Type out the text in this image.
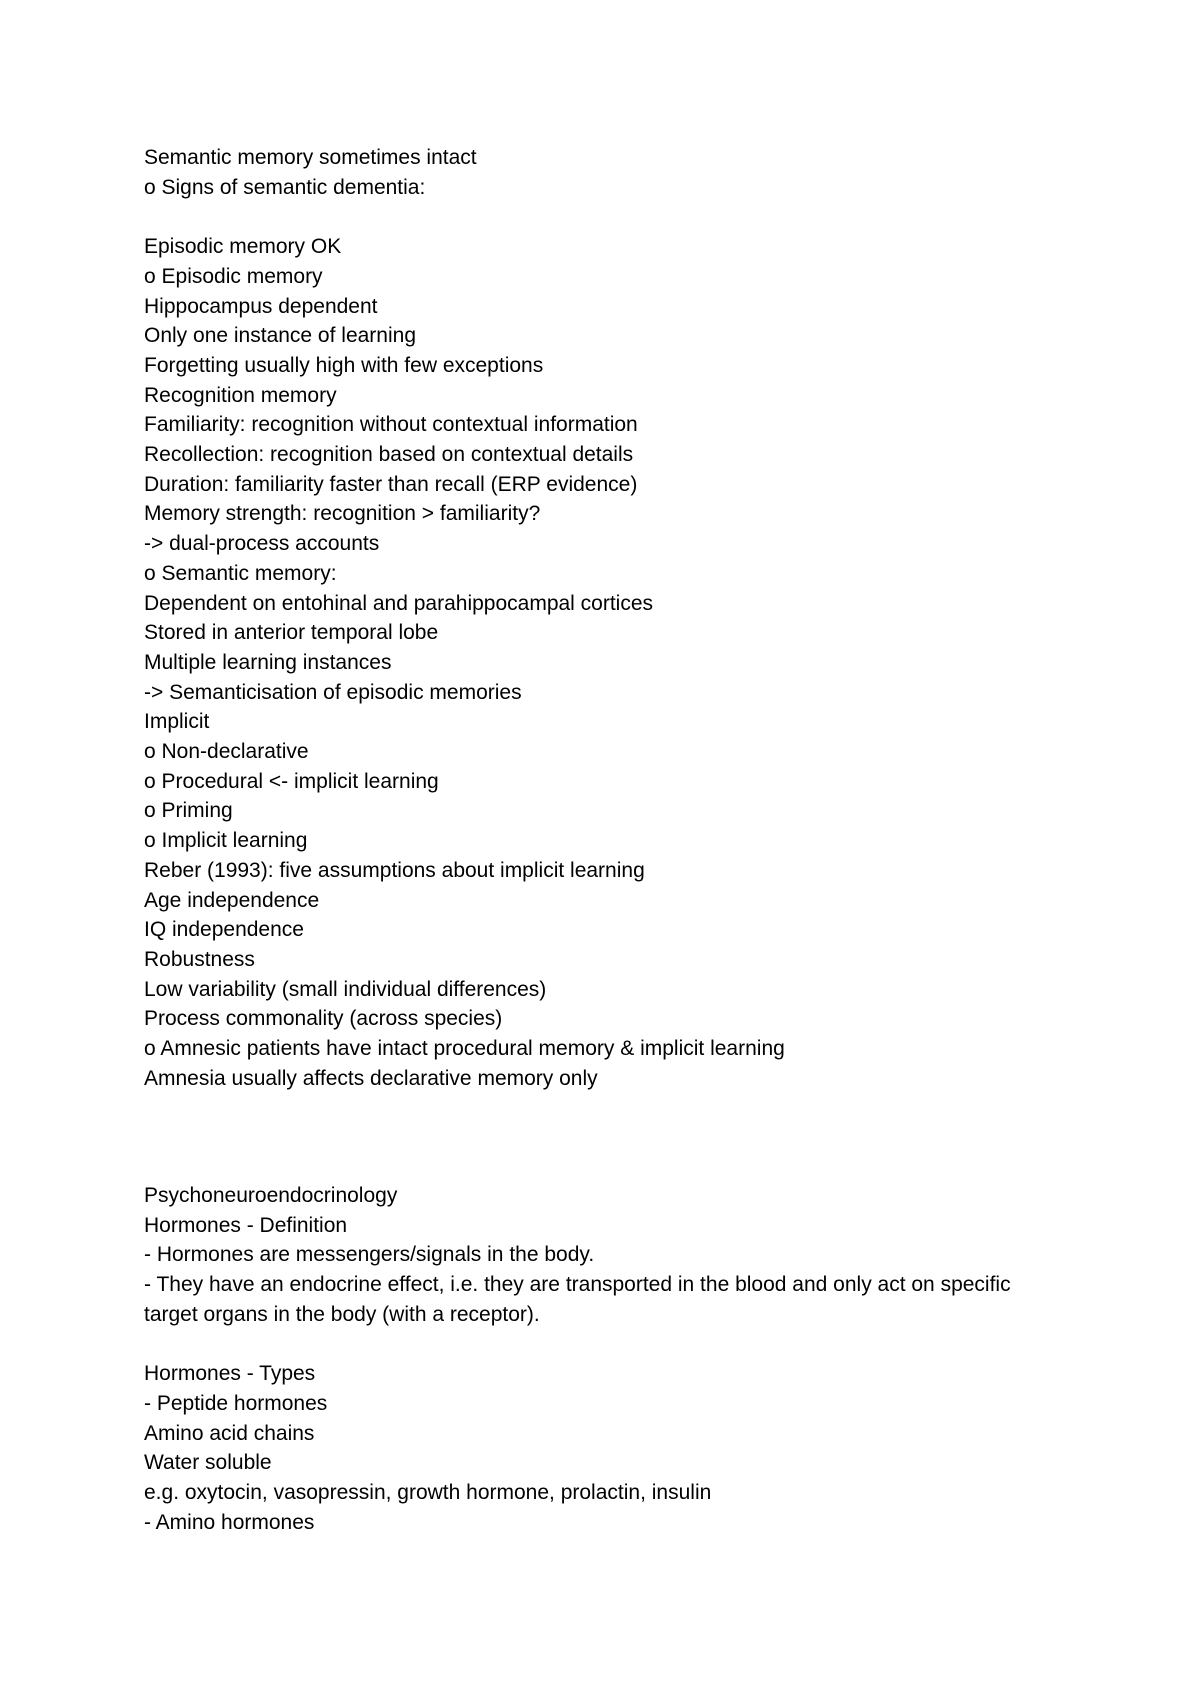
Semantic memory sometimes intact
o Signs of semantic dementia:
Episodic memory OK
o Episodic memory
Hippocampus dependent
Only one instance of learning
Forgetting usually high with few exceptions
Recognition memory
Familiarity: recognition without contextual information
Recollection: recognition based on contextual details
Duration: familiarity faster than recall (ERP evidence)
Memory strength: recognition > familiarity?
-> dual-process accounts
o Semantic memory:
Dependent on entohinal and parahippocampal cortices
Stored in anterior temporal lobe
Multiple learning instances
-> Semanticisation of episodic memories
Implicit
o Non-declarative
o Procedural <- implicit learning
o Priming
o Implicit learning
Reber (1993): five assumptions about implicit learning
Age independence
IQ independence
Robustness
Low variability (small individual differences)
Process commonality (across species)
o Amnesic patients have intact procedural memory & implicit learning
Amnesia usually affects declarative memory only
Psychoneuroendocrinology
Hormones - Definition
- Hormones are messengers/signals in the body.
- They have an endocrine effect, i.e. they are transported in the blood and only act on specific target organs in the body (with a receptor).
Hormones - Types
- Peptide hormones
Amino acid chains
Water soluble
e.g. oxytocin, vasopressin, growth hormone, prolactin, insulin
- Amino hormones
